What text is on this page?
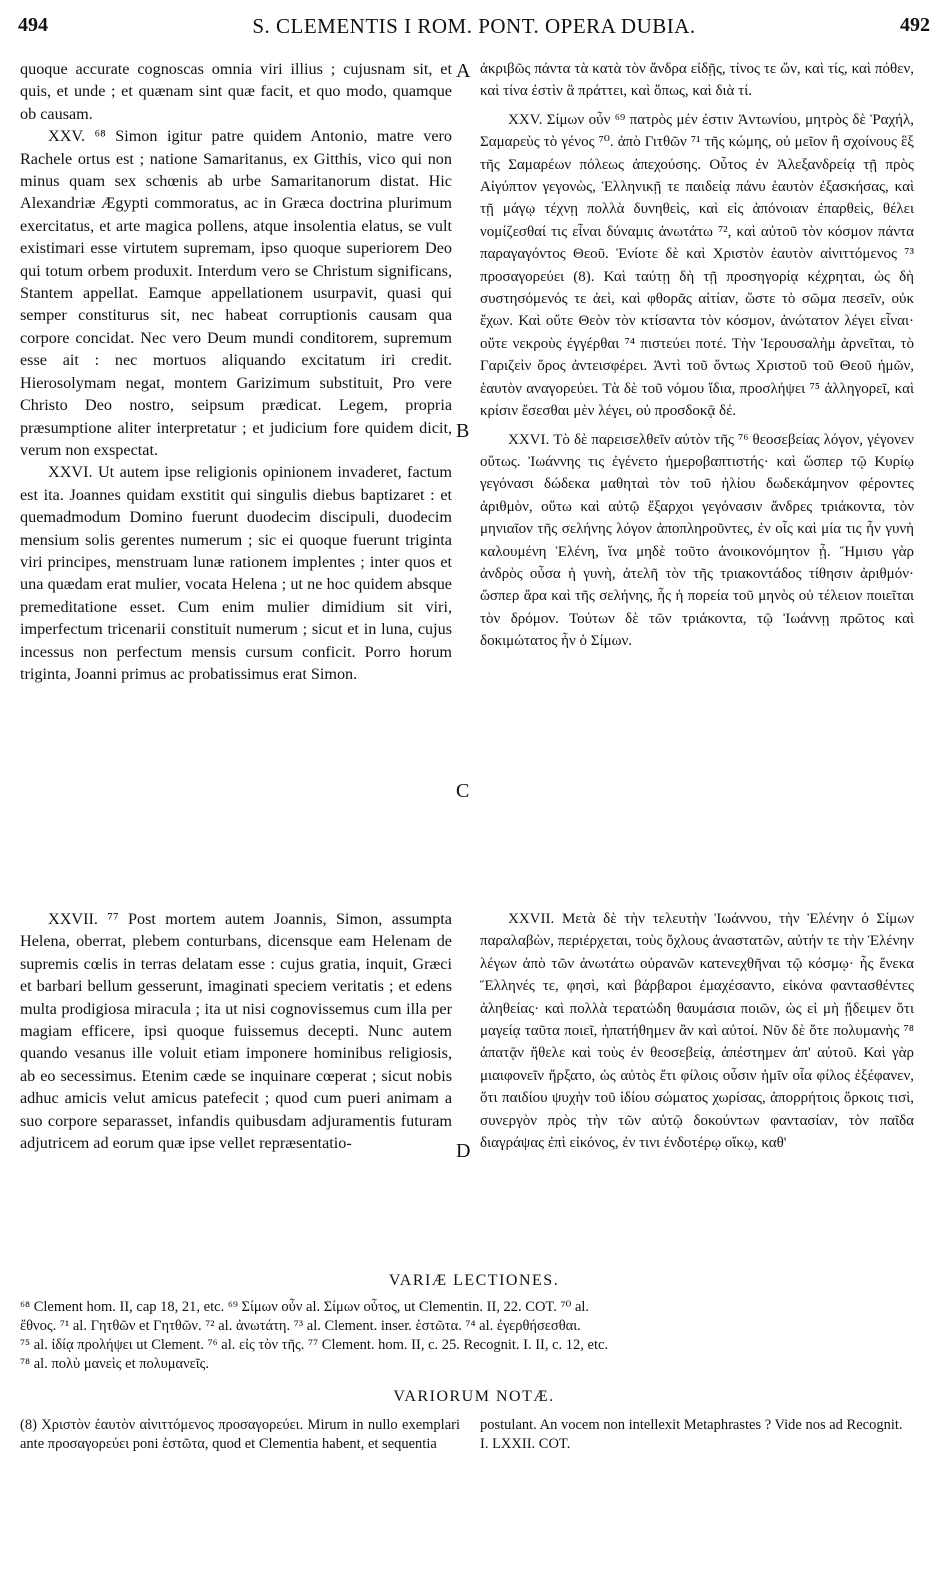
494	S. CLEMENTIS I ROM. PONT. OPERA DUBIA.	492

quoque accurate cognoscas omnia viri illius ; cujusnam sit, et quis, et unde ; et quænam sint quæ facit, et quo modo, quamque ob causam.

XXV. ⁶⁸ Simon igitur patre quidem Antonio, matre vero Rachele ortus est ; natione Samaritanus, ex Gitthis, vico qui non minus quam sex schœnis ab urbe Samaritanorum distat. Hic Alexandriæ Ægypti commoratus, ac in Græca doctrina plurimum exercitatus, et arte magica pollens, atque insolentia elatus, se vult existimari esse virtutem supremam, ipso quoque superiorem Deo qui totum orbem produxit. Interdum vero se Christum significans, Stantem appellat. Eamque appellationem usurpavit, quasi qui semper constiturus sit, nec habeat corruptionis causam qua corpore concidat. Nec vero Deum mundi conditorem, supremum esse ait : nec mortuos aliquando excitatum iri credit. Hierosolymam negat, montem Garizimum substituit, Pro vere Christo Deo nostro, seipsum prædicat. Legem, propria præsumptione aliter interpretatur ; et judicium fore quidem dicit, verum non exspectat.

XXVI. Ut autem ipse religionis opinionem invaderet, factum est ita. Joannes quidam exstitit qui singulis diebus baptizaret : et quemadmodum Domino fuerunt duodecim discipuli, duodecim mensium solis gerentes numerum ; sic ei quoque fuerunt triginta viri principes, menstruam lunæ rationem implentes ; inter quos et una quædam erat mulier, vocata Helena ; ut ne hoc quidem absque premeditatione esset. Cum enim mulier dimidium sit viri, imperfectum tricenarii constituit numerum ; sicut et in luna, cujus incessus non perfectum mensis cursum conficit. Porro horum triginta, Joanni primus ac probatissimus erat Simon.

XXVII. ⁷⁷ Post mortem autem Joannis, Simon, assumpta Helena, oberrat, plebem conturbans, dicensque eam Helenam de supremis cœlis in terras delatam esse : cujus gratia, inquit, Græci et barbari bellum gesserunt, imaginati speciem veritatis ; et edens multa prodigiosa miracula ; ita ut nisi cognovissemus cum illa per magiam efficere, ipsi quoque fuissemus decepti. Nunc autem quando vesanus ille voluit etiam imponere hominibus religiosis, ab eo secessimus. Etenim cæde se inquinare cœperat ; sicut nobis adhuc amicis velut amicus patefecit ; quod cum pueri animam a suo corpore separasset, infandis quibusdam adjuramentis futuram adjutricem ad eorum quæ ipse vellet repræsentatio-

ἀκριβῶς πάντα τὰ κατὰ τὸν ἄνδρα εἰδῇς, τίνος τε ὤν, καὶ τίς, καὶ πόθεν, καὶ τίνα ἐστὶν ἃ πράττει, καὶ ὅπως, καὶ διὰ τί.

XXV. Σίμων οὖν ⁶⁹ πατρὸς μέν ἐστιν Ἀντωνίου, μητρὸς δὲ Ῥαχήλ, Σαμαρεὺς τὸ γένος ⁷⁰. ἀπὸ Γιτθῶν ⁷¹ τῆς κώμης, οὐ μεῖον ἢ σχοίνους ἓξ τῆς Σαμαρέων πόλεως ἀπεχούσης. Οὗτος ἐν Ἀλεξανδρείᾳ τῇ πρὸς Αἰγύπτον γεγονὼς, Ἑλληνικῇ τε παιδείᾳ πάνυ ἑαυτὸν ἐξασκήσας, καὶ τῇ μάγῳ τέχνῃ πολλὰ δυνηθεὶς, καὶ εἰς ἀπόνοιαν ἐπαρθεὶς, θέλει νομίζεσθαί τις εἶναι δύναμις ἀνωτάτω ⁷², καὶ αὐτοῦ τὸν κόσμον πάντα παραγαγόντος Θεοῦ. Ἐνίοτε δὲ καὶ Χριστὸν ἑαυτὸν αἰνιττόμενος ⁷³ προσαγορεύει (8). Καὶ ταύτῃ δὴ τῇ προσηγορίᾳ κέχρηται, ὡς δὴ συστησόμενός τε ἀεὶ, καὶ φθορᾶς αἰτίαν, ὥστε τὸ σῶμα πεσεῖν, οὐκ ἔχων. Καὶ οὔτε Θεὸν τὸν κτίσαντα τὸν κόσμον, ἀνώτατον λέγει εἶναι· οὔτε νεκροὺς ἐγγέρθαι ⁷⁴ πιστεύει ποτέ. Τὴν Ἱερουσαλὴμ ἀρνεῖται, τὸ Γαριζεὶν ὄρος ἀντεισφέρει. Ἀντὶ τοῦ ὄντως Χριστοῦ τοῦ Θεοῦ ἡμῶν, ἑαυτὸν αναγορεύει. Τὰ δὲ τοῦ νόμου ἴδια, προσλήψει ⁷⁵ ἀλληγορεῖ, καὶ κρίσιν ἔσεσθαι μὲν λέγει, οὐ προσδοκᾷ δέ.

XXVI. Τὸ δὲ παρεισελθεῖν αὐτὸν τῆς ⁷⁶ θεοσεβείας λόγον, γέγονεν οὕτως. Ἰωάννης τις ἐγένετο ἡμεροβαπτιστής· καὶ ὥσπερ τῷ Κυρίῳ γεγόνασι δώδεκα μαθηταὶ τὸν τοῦ ἡλίου δωδεκάμηνον φέροντες ἀριθμὸν, οὕτω καὶ αὐτῷ ἔξαρχοι γεγόνασιν ἄνδρες τριάκοντα, τὸν μηνιαῖον τῆς σελήνης λόγον ἀποπληροῦντες, ἐν οἷς καὶ μία τις ἦν γυνὴ καλουμένη Ἑλένη, ἵνα μηδὲ τοῦτο ἀνοικονόμητον ᾖ. Ἥμισυ γὰρ ἀνδρὸς οὖσα ἡ γυνὴ, ἀτελῆ τὸν τῆς τριακοντάδος τίθησιν ἀριθμόν· ὥσπερ ἄρα καὶ τῆς σελήνης, ἧς ἡ πορεία τοῦ μηνὸς οὐ τέλειον ποιεῖται τὸν δρόμον. Τούτων δὲ τῶν τριάκοντα, τῷ Ἰωάννῃ πρῶτος καὶ δοκιμώτατος ἦν ὁ Σίμων.

XXVII. Μετὰ δὲ τὴν τελευτὴν Ἰωάννου, τὴν Ἑλένην ὁ Σίμων παραλαβὼν, περιέρχεται, τοὺς ὄχλους ἀναστατῶν, αὐτήν τε τὴν Ἑλένην λέγων ἀπὸ τῶν ἀνωτάτω οὐρανῶν κατενεχθῆναι τῷ κόσμῳ· ἧς ἕνεκα Ἕλληνές τε, φησὶ, καὶ βάρβαροι ἐμαχέσαντο, εἰκόνα φαντασθέντες ἀληθείας· καὶ πολλὰ τερατώδη θαυμάσια ποιῶν, ὡς εἰ μὴ ᾔδειμεν ὅτι μαγείᾳ ταῦτα ποιεῖ, ἠπατήθημεν ἂν καὶ αὐτοί. Νῦν δὲ ὅτε πολυμανὴς ⁷⁸ ἀπατᾷν ἤθελε καὶ τοὺς ἐν θεοσεβείᾳ, ἀπέστημεν ἀπ' αὐτοῦ. Καὶ γὰρ μιαιφονεῖν ἤρξατο, ὡς αὐτὸς ἔτι φίλοις οὖσιν ἡμῖν οἷα φίλος ἐξέφανεν, ὅτι παιδίου ψυχὴν τοῦ ἰδίου σώματος χωρίσας, ἀπορρήτοις ὅρκοις τισὶ, συνεργὸν πρὸς τὴν τῶν αὐτῷ δοκούντων φαντασίαν, τὸν παῖδα διαγράψας ἐπὶ εἰκόνος, ἐν τινι ἐνδοτέρῳ οἴκῳ, καθ'

A
B
C
D
VARIÆ LECTIONES.
⁶⁸ Clement hom. II, cap 18, 21, etc. ⁶⁹ Σίμων οὖν al. Σίμων οὗτος, ut Clementin. II, 22. COT. ⁷⁰ al.
ἔθνος. ⁷¹ al. Γητθῶν et Γητθῶν. ⁷² al. ἀνωτάτη. ⁷³ al. Clement. inser. ἑστῶτα. ⁷⁴ al. ἐγερθήσεσθαι.
⁷⁵ al. ἰδίᾳ προλήψει ut Clement. ⁷⁶ al. εἰς τὸν τῆς. ⁷⁷ Clement. hom. II, c. 25. Recognit. I. II, c. 12, etc.
⁷⁸ al. πολὺ μανεὶς et πολυμανεῖς.
VARIORUM NOTÆ.
(8) Χριστὸν ἑαυτὸν αἰνιττόμενος προσαγορεύει. Mirum in nullo exemplari ante προσαγορεύει poni ἑστῶτα, quod et Clementia habent, et sequentia
postulant. An vocem non intellexit Metaphrastes ? Vide nos ad Recognit. I. LXXII. COT.
